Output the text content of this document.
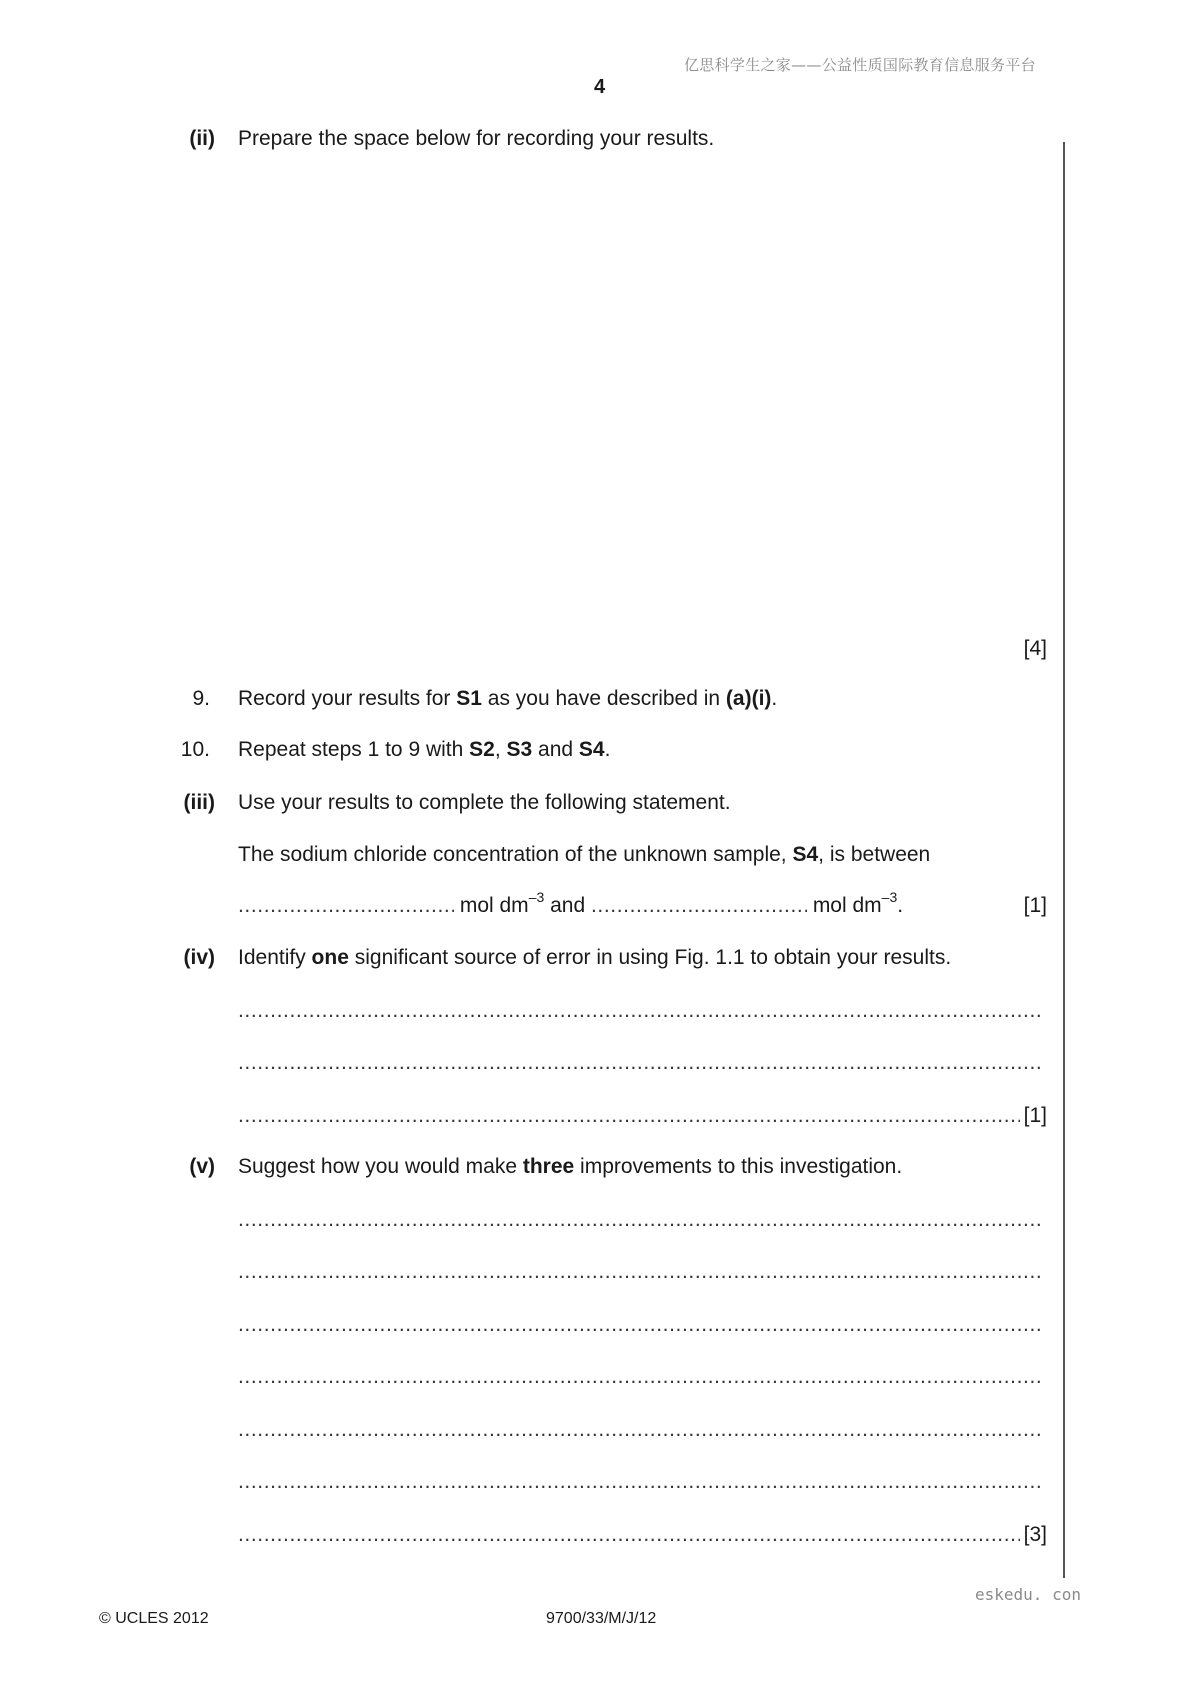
亿思科学生之家——公益性质国际教育信息服务平台
4
(ii) Prepare the space below for recording your results.
[4]
9. Record your results for S1 as you have described in (a)(i).
10. Repeat steps 1 to 9 with S2, S3 and S4.
(iii) Use your results to complete the following statement.
The sodium chloride concentration of the unknown sample, S4, is between
..... mol $dm^{-3}$ and .....	mol $dm^{-3}$.	[1]
(iv) Identify one significant source of error in using Fig. 1.1 to obtain your results.
.....
.....
.....
[1]
(v) Suggest how you would make three improvements to this investigation.
.....
.....
.....
.....
.....
.....
.....
[3]
eskedu. con
© UCLES 2012	9700/33/M/J/12
